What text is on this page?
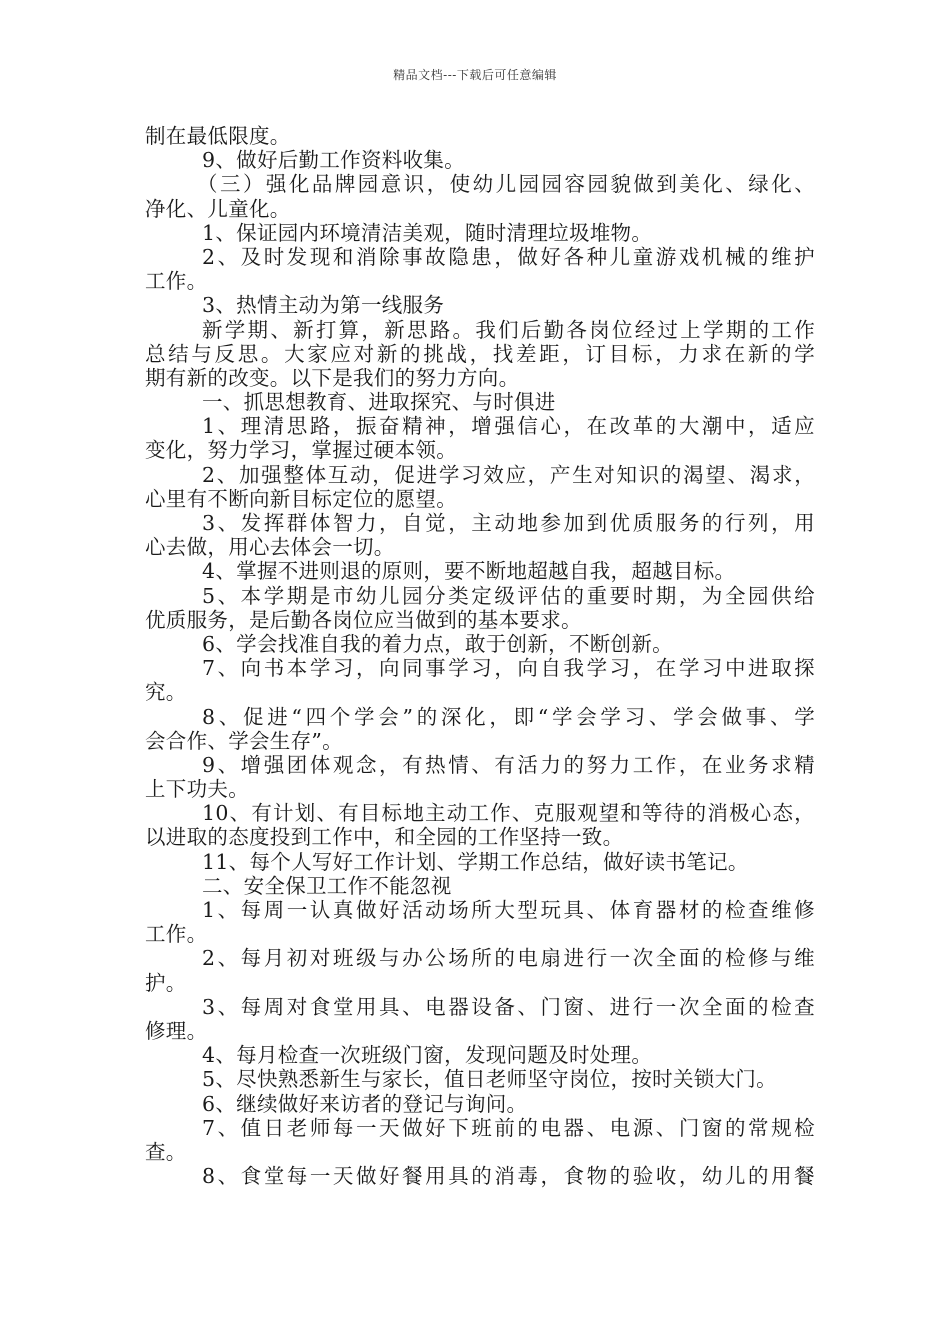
精品文档---下载后可任意编辑
制在最低限度。
9、做好后勤工作资料收集。
（三）强化品牌园意识，使幼儿园园容园貌做到美化、绿化、
净化、儿童化。
1、保证园内环境清洁美观，随时清理垃圾堆物。
2、及时发现和消除事故隐患，做好各种儿童游戏机械的维护
工作。
3、热情主动为第一线服务
新学期、新打算，新思路。我们后勤各岗位经过上学期的工作
总结与反思。大家应对新的挑战，找差距，订目标，力求在新的学
期有新的改变。以下是我们的努力方向。
一、抓思想教育、进取探究、与时俱进
1、理清思路，振奋精神，增强信心，在改革的大潮中，适应
变化，努力学习，掌握过硬本领。
2、加强整体互动，促进学习效应，产生对知识的渴望、渴求，
心里有不断向新目标定位的愿望。
3、发挥群体智力，自觉，主动地参加到优质服务的行列，用
心去做，用心去体会一切。
4、掌握不进则退的原则，要不断地超越自我，超越目标。
5、本学期是市幼儿园分类定级评估的重要时期，为全园供给
优质服务，是后勤各岗位应当做到的基本要求。
6、学会找准自我的着力点，敢于创新，不断创新。
7、向书本学习，向同事学习，向自我学习，在学习中进取探
究。
8、促进“四个学会”的深化，即“学会学习、学会做事、学
会合作、学会生存”。
9、增强团体观念，有热情、有活力的努力工作，在业务求精
上下功夫。
10、有计划、有目标地主动工作、克服观望和等待的消极心态，
以进取的态度投到工作中，和全园的工作坚持一致。
11、每个人写好工作计划、学期工作总结，做好读书笔记。
二、安全保卫工作不能忽视
1、每周一认真做好活动场所大型玩具、体育器材的检查维修
工作。
2、每月初对班级与办公场所的电扇进行一次全面的检修与维
护。
3、每周对食堂用具、电器设备、门窗、进行一次全面的检查
修理。
4、每月检查一次班级门窗，发现问题及时处理。
5、尽快熟悉新生与家长，值日老师坚守岗位，按时关锁大门。
6、继续做好来访者的登记与询问。
7、值日老师每一天做好下班前的电器、电源、门窗的常规检
查。
8、食堂每一天做好餐用具的消毒，食物的验收，幼儿的用餐
